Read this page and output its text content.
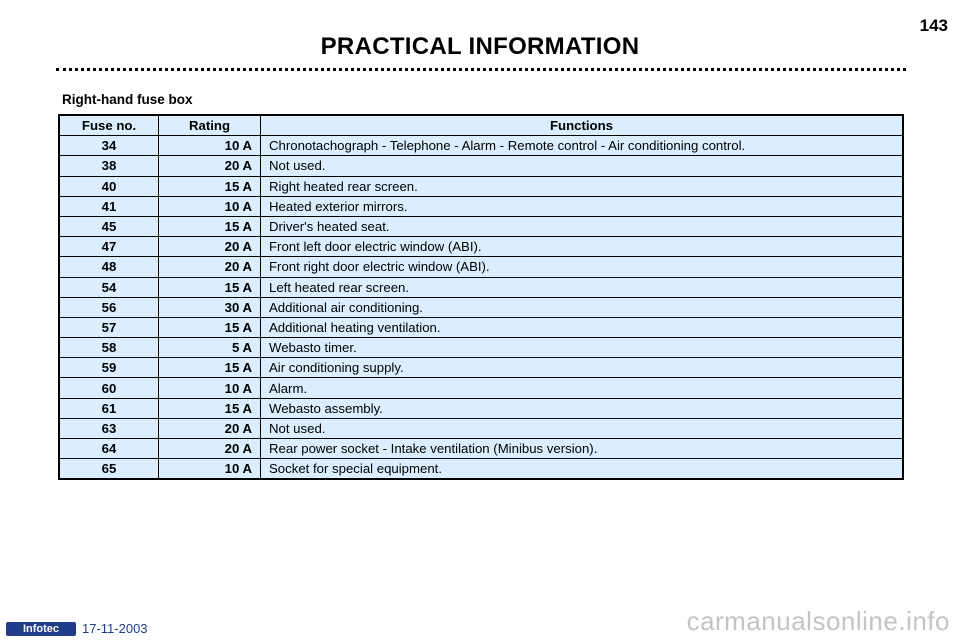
143
PRACTICAL INFORMATION
Right-hand fuse box
Fuse no.	Rating	Functions
34	10 A	Chronotachograph - Telephone - Alarm - Remote control - Air conditioning control.
38	20 A	Not used.
40	15 A	Right heated rear screen.
41	10 A	Heated exterior mirrors.
45	15 A	Driver's heated seat.
47	20 A	Front left door electric window (ABI).
48	20 A	Front right door electric window (ABI).
54	15 A	Left heated rear screen.
56	30 A	Additional air conditioning.
57	15 A	Additional heating ventilation.
58	5 A	Webasto timer.
59	15 A	Air conditioning supply.
60	10 A	Alarm.
61	15 A	Webasto assembly.
63	20 A	Not used.
64	20 A	Rear power socket - Intake ventilation (Minibus version).
65	10 A	Socket for special equipment.
Infotec	17-11-2003	carmanualsonline.info
